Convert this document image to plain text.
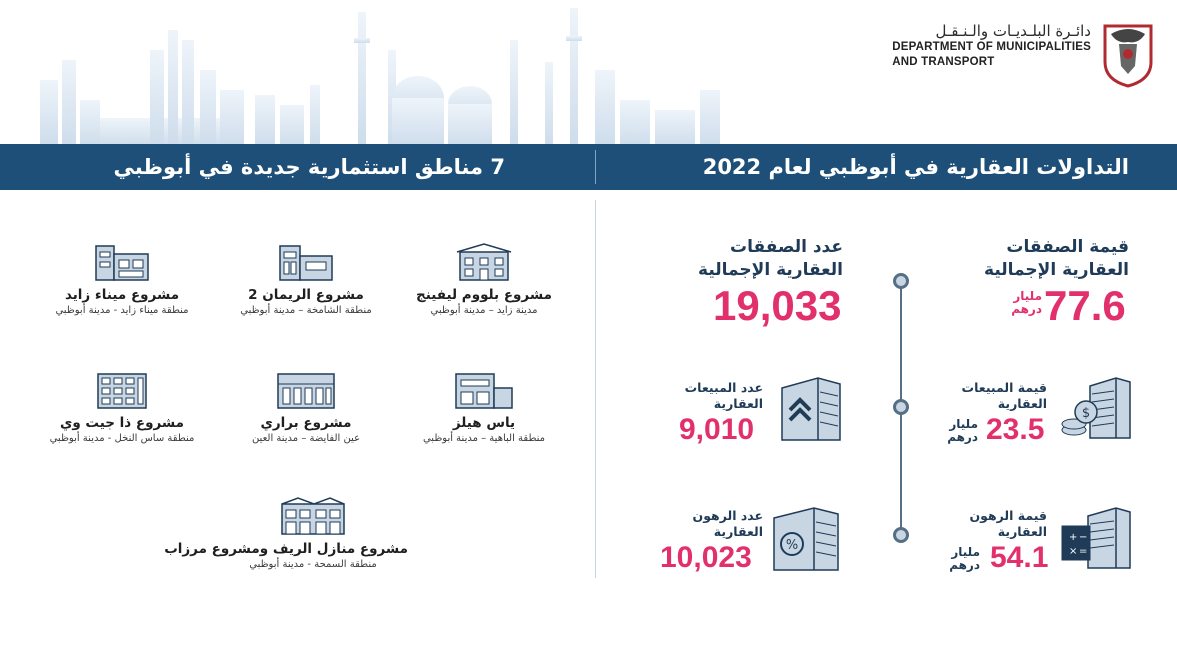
دائـرة البلـديـات والـنـقـل
DEPARTMENT OF MUNICIPALITIES
AND TRANSPORT
التداولات العقارية في أبوظبي لعام 2022
7 مناطق استثمارية جديدة في أبوظبي
قيمة الصفقات
العقارية الإجمالية
77.6
مليار
درهم
عدد الصفقات
العقارية الإجمالية
19,033
قيمة المبيعات
العقارية
23.5
مليار
درهم
$
عدد المبيعات
العقارية
9,010
قيمة الرهون
العقارية
54.1
مليار
درهم
+ −
× =
عدد الرهون
العقارية
10,023	%
مشروع بلووم ليفينج
مدينة زايد – مدينة أبوظبي
مشروع الريمان 2
منطقة الشامخة – مدينة أبوظبي
مشروع ميناء زايد
منطقة ميناء زايد - مدينة أبوظبي
ياس هيلز
منطقة الباهية – مدينة أبوظبي
مشروع براري
عين الفايضة – مدينة العين
مشروع ذا جيت وي
منطقة ساس النخل - مدينة أبوظبي
مشروع منازل الريف ومشروع مرزاب
منطقة السمحة - مدينة أبوظبي
